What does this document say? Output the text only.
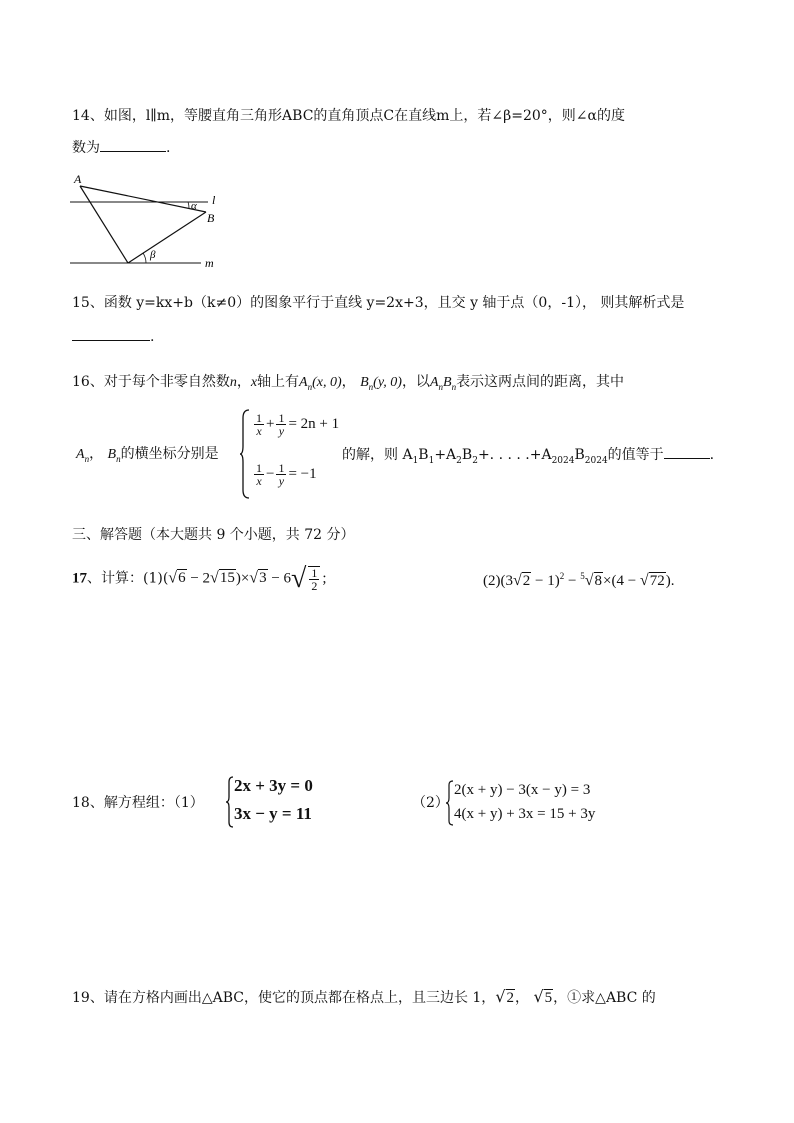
14、如图，l∥m，等腰直角三角形ABC的直角顶点C在直线m上，若∠β=20°，则∠α的度
数为	.
A
B
l
m
α
β
15、函数 y=kx+b（k≠0）的图象平行于直线 y=2x+3，且交 y 轴于点（0，-1）， 则其解析式是
.
16、对于每个非零自然数n，x轴上有$A_n(x$, 0)， $B_n(y$, 0)，以$A_nB_n$表示这两点间的距离，其中
$A_n$， $B_n$的横坐标分别是
$\frac{1}{x} + \frac{1}{y} = 2n + 1$
$\frac{1}{x} - \frac{1}{y} = -1$
的解，则 $A_1B_1+A_2B_2+$. . . . $.+A_{2024}B_{2024}$的值等于	.
三、解答题（本大题共 9 个小题，共 72 分）
17、计算：$(1)(√6 - 2√15)\times√3 - 6√ \frac{1}{2}$ ;	$(2)(3√2 - 1)^2 - ^5√8\times(4 - √72)$.
18、解方程组：（1）
2x + 3y = 0
3x − y = 11
（2）
2(x + y) − 3(x − y) = 3
4(x + y) + 3x = 15 + 3y
19、请在方格内画出△ABC，使它的顶点都在格点上，且三边长 1，√2， √5，①求△ABC 的
